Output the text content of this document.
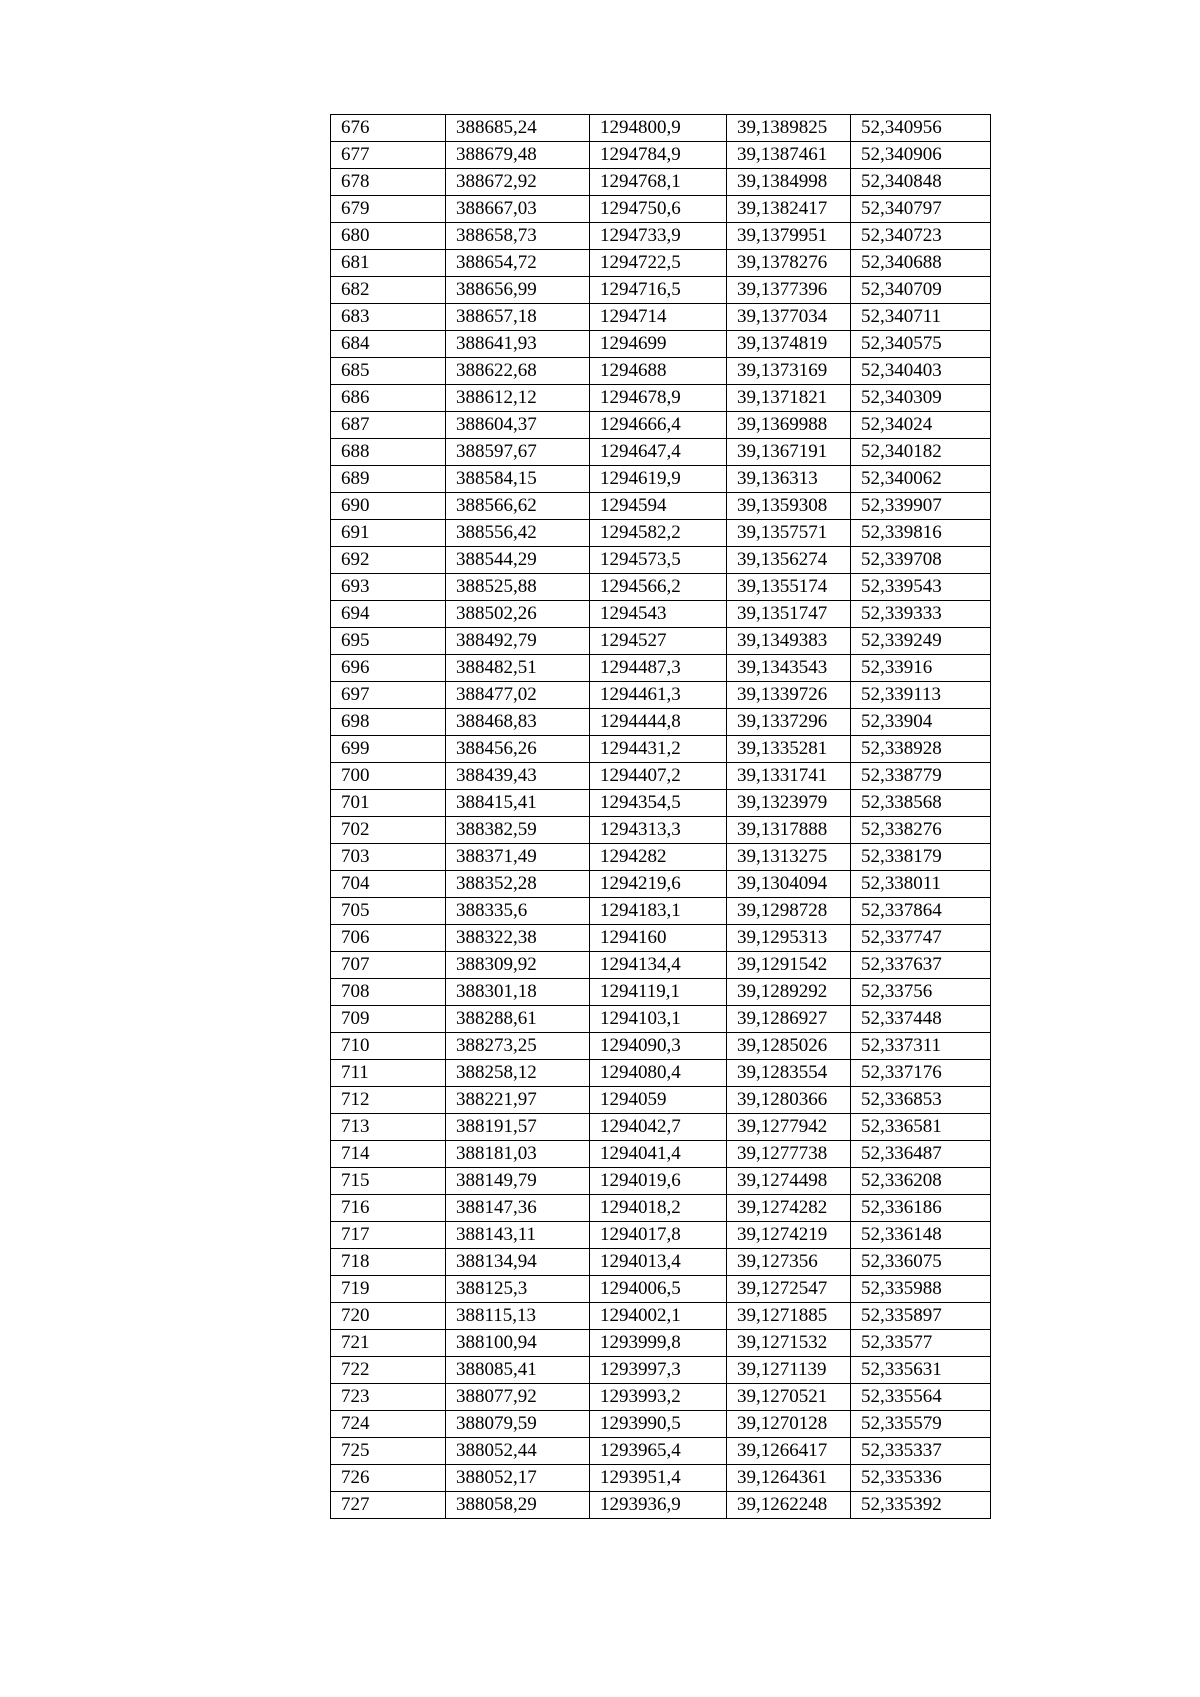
676	388685,24	1294800,9	39,1389825	52,340956
677	388679,48	1294784,9	39,1387461	52,340906
678	388672,92	1294768,1	39,1384998	52,340848
679	388667,03	1294750,6	39,1382417	52,340797
680	388658,73	1294733,9	39,1379951	52,340723
681	388654,72	1294722,5	39,1378276	52,340688
682	388656,99	1294716,5	39,1377396	52,340709
683	388657,18	1294714	39,1377034	52,340711
684	388641,93	1294699	39,1374819	52,340575
685	388622,68	1294688	39,1373169	52,340403
686	388612,12	1294678,9	39,1371821	52,340309
687	388604,37	1294666,4	39,1369988	52,34024
688	388597,67	1294647,4	39,1367191	52,340182
689	388584,15	1294619,9	39,136313	52,340062
690	388566,62	1294594	39,1359308	52,339907
691	388556,42	1294582,2	39,1357571	52,339816
692	388544,29	1294573,5	39,1356274	52,339708
693	388525,88	1294566,2	39,1355174	52,339543
694	388502,26	1294543	39,1351747	52,339333
695	388492,79	1294527	39,1349383	52,339249
696	388482,51	1294487,3	39,1343543	52,33916
697	388477,02	1294461,3	39,1339726	52,339113
698	388468,83	1294444,8	39,1337296	52,33904
699	388456,26	1294431,2	39,1335281	52,338928
700	388439,43	1294407,2	39,1331741	52,338779
701	388415,41	1294354,5	39,1323979	52,338568
702	388382,59	1294313,3	39,1317888	52,338276
703	388371,49	1294282	39,1313275	52,338179
704	388352,28	1294219,6	39,1304094	52,338011
705	388335,6	1294183,1	39,1298728	52,337864
706	388322,38	1294160	39,1295313	52,337747
707	388309,92	1294134,4	39,1291542	52,337637
708	388301,18	1294119,1	39,1289292	52,33756
709	388288,61	1294103,1	39,1286927	52,337448
710	388273,25	1294090,3	39,1285026	52,337311
711	388258,12	1294080,4	39,1283554	52,337176
712	388221,97	1294059	39,1280366	52,336853
713	388191,57	1294042,7	39,1277942	52,336581
714	388181,03	1294041,4	39,1277738	52,336487
715	388149,79	1294019,6	39,1274498	52,336208
716	388147,36	1294018,2	39,1274282	52,336186
717	388143,11	1294017,8	39,1274219	52,336148
718	388134,94	1294013,4	39,127356	52,336075
719	388125,3	1294006,5	39,1272547	52,335988
720	388115,13	1294002,1	39,1271885	52,335897
721	388100,94	1293999,8	39,1271532	52,33577
722	388085,41	1293997,3	39,1271139	52,335631
723	388077,92	1293993,2	39,1270521	52,335564
724	388079,59	1293990,5	39,1270128	52,335579
725	388052,44	1293965,4	39,1266417	52,335337
726	388052,17	1293951,4	39,1264361	52,335336
727	388058,29	1293936,9	39,1262248	52,335392
